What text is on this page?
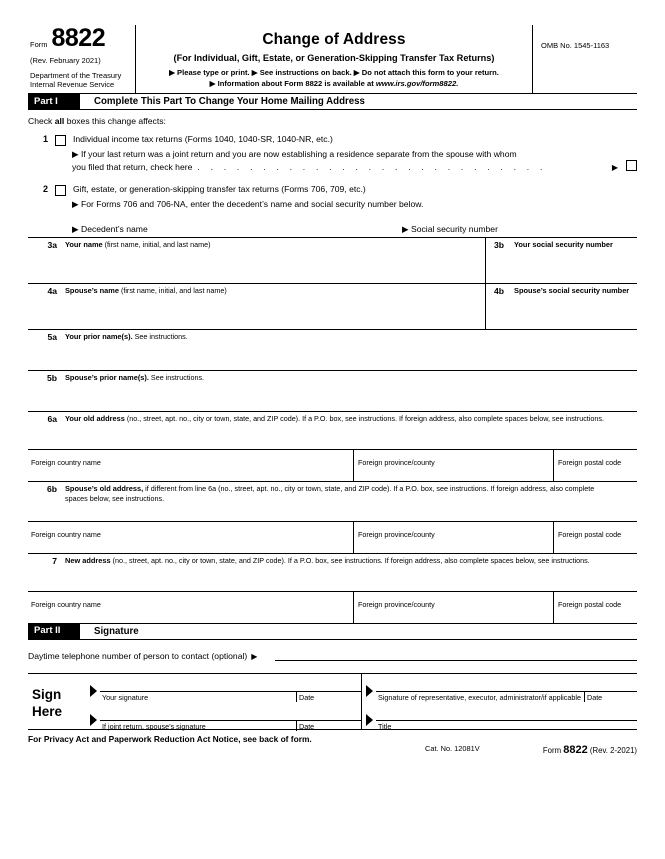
Form 8822
(Rev. February 2021)
Department of the Treasury
Internal Revenue Service
Change of Address
(For Individual, Gift, Estate, or Generation-Skipping Transfer Tax Returns)
▶ Please type or print. ▶ See instructions on back. ▶ Do not attach this form to your return.
▶ Information about Form 8822 is available at www.irs.gov/form8822.
OMB No. 1545-1163
Part I	Complete This Part To Change Your Home Mailing Address
Check all boxes this change affects:
1	Individual income tax returns (Forms 1040, 1040-SR, 1040-NR, etc.)
▶ If your last return was a joint return and you are now establishing a residence separate from the spouse with whom
you filed that return, check here . . . . . . . . . . . . . . . . . . . . . . . . . . .	▶
2	Gift, estate, or generation-skipping transfer tax returns (Forms 706, 709, etc.)
▶ For Forms 706 and 706-NA, enter the decedent’s name and social security number below.
▶ Decedent’s name	▶ Social security number
3a Your name (first name, initial, and last name)	3b Your social security number
4a Spouse’s name (first name, initial, and last name)	4b Spouse’s social security number
5a Your prior name(s). See instructions.
5b Spouse’s prior name(s). See instructions.
6a Your old address (no., street, apt. no., city or town, state, and ZIP code). If a P.O. box, see instructions. If foreign address, also complete spaces below, see instructions.
Foreign country name	Foreign province/county	Foreign postal code
6b Spouse’s old address, if different from line 6a (no., street, apt. no., city or town, state, and ZIP code). If a P.O. box, see instructions. If foreign address, also complete spaces below, see instructions.
Foreign country name	Foreign province/county	Foreign postal code
7 New address (no., street, apt. no., city or town, state, and ZIP code). If a P.O. box, see instructions. If foreign address, also complete spaces below, see instructions.
Foreign country name	Foreign province/county	Foreign postal code
Part II	Signature
Daytime telephone number of person to contact (optional) ▶
Sign
Here
Your signature	Date
If joint return, spouse’s signature	Date
Signature of representative, executor, administrator/if applicable Date
Title
For Privacy Act and Paperwork Reduction Act Notice, see back of form.
Cat. No. 12081V	Form 8822 (Rev. 2-2021)
